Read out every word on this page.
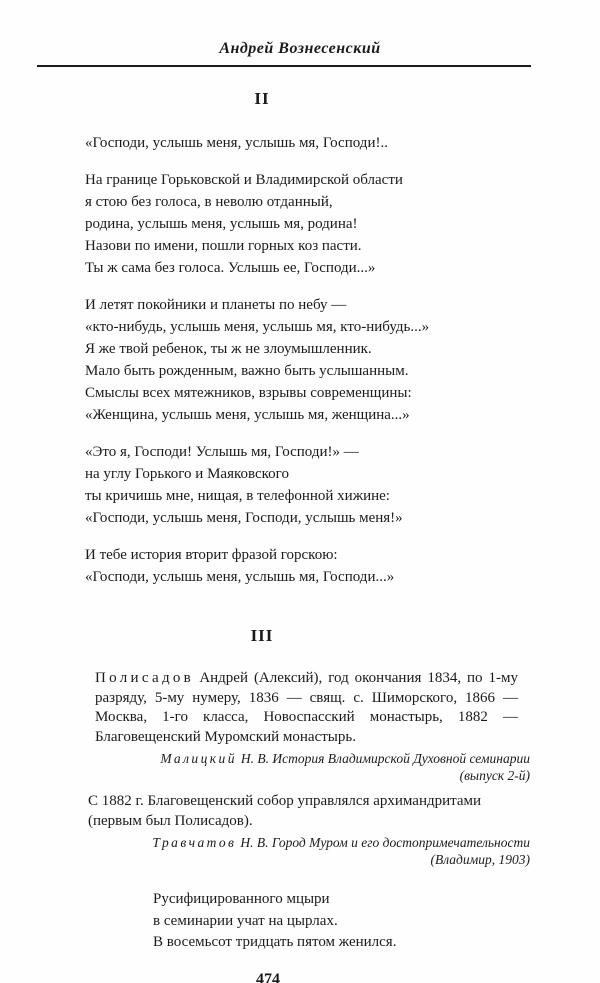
Андрей Вознесенский
II
«Господи, услышь меня, услышь мя, Господи!..
На границе Горьковской и Владимирской области
я стою без голоса, в неволю отданный,
родина, услышь меня, услышь мя, родина!
Назови по имени, пошли горных коз пасти.
Ты ж сама без голоса. Услышь ее, Господи...»
И летят покойники и планеты по небу —
«кто-нибудь, услышь меня, услышь мя, кто-нибудь...»
Я же твой ребенок, ты ж не злоумышленник.
Мало быть рожденным, важно быть услышанным.
Смыслы всех мятежников, взрывы современщины:
«Женщина, услышь меня, услышь мя, женщина...»
«Это я, Господи! Услышь мя, Господи!» —
на углу Горького и Маяковского
ты кричишь мне, нищая, в телефонной хижине:
«Господи, услышь меня, Господи, услышь меня!»
И тебе история вторит фразой горскою:
«Господи, услышь меня, услышь мя, Господи...»
III
Полисадов Андрей (Алексий), год окончания 1834, по 1-му разряду, 5-му нумеру, 1836 — свящ. с. Шиморского, 1866 — Москва, 1-го класса, Новоспасский монастырь, 1882 — Благовещенский Муромский монастырь.
Малицкий Н. В. История Владимирской Духовной семинарии
(выпуск 2-й)
С 1882 г. Благовещенский собор управлялся архимандритами (первым был Полисадов).
Травчатов Н. В. Город Муром и его достопримечательности
(Владимир, 1903)
Русифицированного мцыри
в семинарии учат на цырлах.
В восемьсот тридцать пятом женился.
474
